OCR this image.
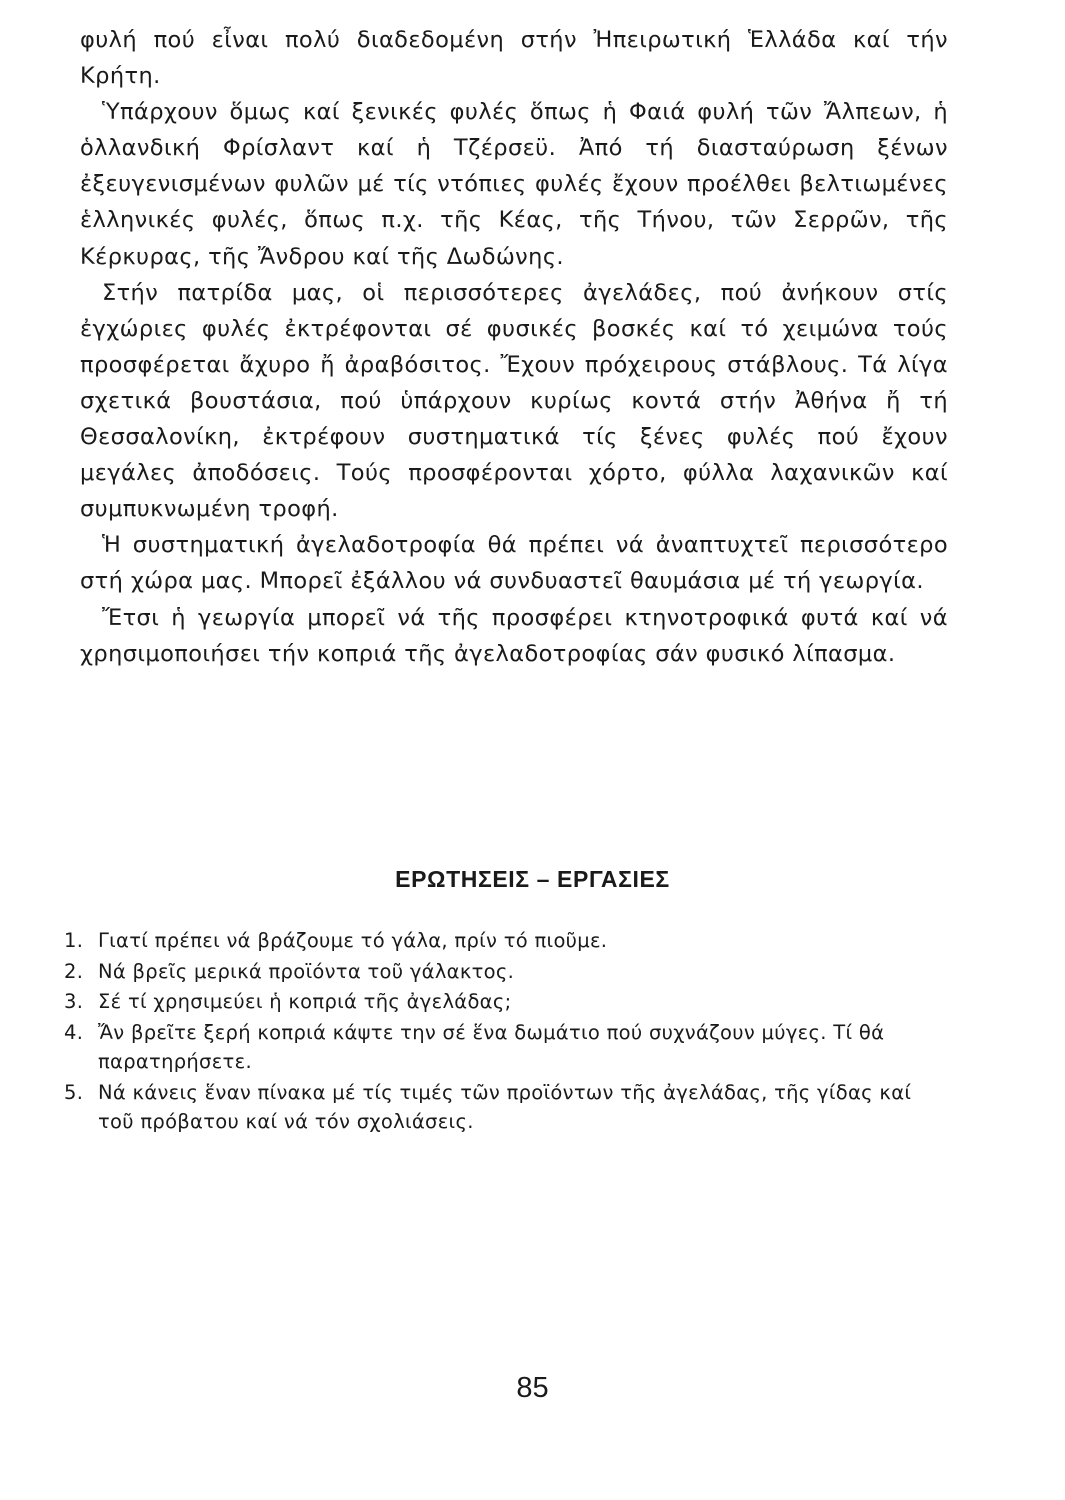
φυλή πού εἶναι πολύ διαδεδομένη στήν Ἠπειρωτική Ἑλλάδα καί τήν Κρήτη.

Ὑπάρχουν ὅμως καί ξενικές φυλές ὅπως ἡ Φαιά φυλή τῶν Ἄλπεων, ἡ ὁλλανδική Φρίσλαντ καί ἡ Τζέρσεϋ. Ἀπό τή διασταύρωση ξένων ἐξευγενισμένων φυλῶν μέ τίς ντόπιες φυλές ἔχουν προέλθει βελτιωμένες ἑλληνικές φυλές, ὅπως π.χ. τῆς Κέας, τῆς Τήνου, τῶν Σερρῶν, τῆς Κέρκυρας, τῆς Ἄνδρου καί τῆς Δωδώνης.

Στήν πατρίδα μας, οἱ περισσότερες ἀγελάδες, πού ἀνήκουν στίς ἐγχώριες φυλές ἐκτρέφονται σέ φυσικές βοσκές καί τό χειμώνα τούς προσφέρεται ἄχυρο ἤ ἀραβόσιτος. Ἔχουν πρόχειρους στάβλους. Τά λίγα σχετικά βουστάσια, πού ὑπάρχουν κυρίως κοντά στήν Ἀθήνα ἤ τή Θεσσαλονίκη, ἐκτρέφουν συστηματικά τίς ξένες φυλές πού ἔχουν μεγάλες ἀποδόσεις. Τούς προσφέρονται χόρτο, φύλλα λαχανικῶν καί συμπυκνωμένη τροφή.

Ἡ συστηματική ἀγελαδοτροφία θά πρέπει νά ἀναπτυχτεῖ περισσότερο στή χώρα μας. Μπορεῖ ἐξάλλου νά συνδυαστεῖ θαυμάσια μέ τή γεωργία.

Ἔτσι ἡ γεωργία μπορεῖ νά τῆς προσφέρει κτηνοτροφικά φυτά καί νά χρησιμοποιήσει τήν κοπριά τῆς ἀγελαδοτροφίας σάν φυσικό λίπασμα.

ΕΡΩΤΗΣΕΙΣ – ΕΡΓΑΣΙΕΣ
1. Γιατί πρέπει νά βράζουμε τό γάλα, πρίν τό πιοῦμε.
2. Νά βρεῖς μερικά προϊόντα τοῦ γάλακτος.
3. Σέ τί χρησιμεύει ἡ κοπριά τῆς ἀγελάδας;
4. Ἄν βρεῖτε ξερή κοπριά κάψτε την σέ ἕνα δωμάτιο πού συχνάζουν μύγες. Τί θά παρατηρήσετε.
5. Νά κάνεις ἕναν πίνακα μέ τίς τιμές τῶν προϊόντων τῆς ἀγελάδας, τῆς γίδας καί τοῦ πρόβατου καί νά τόν σχολιάσεις.
85
